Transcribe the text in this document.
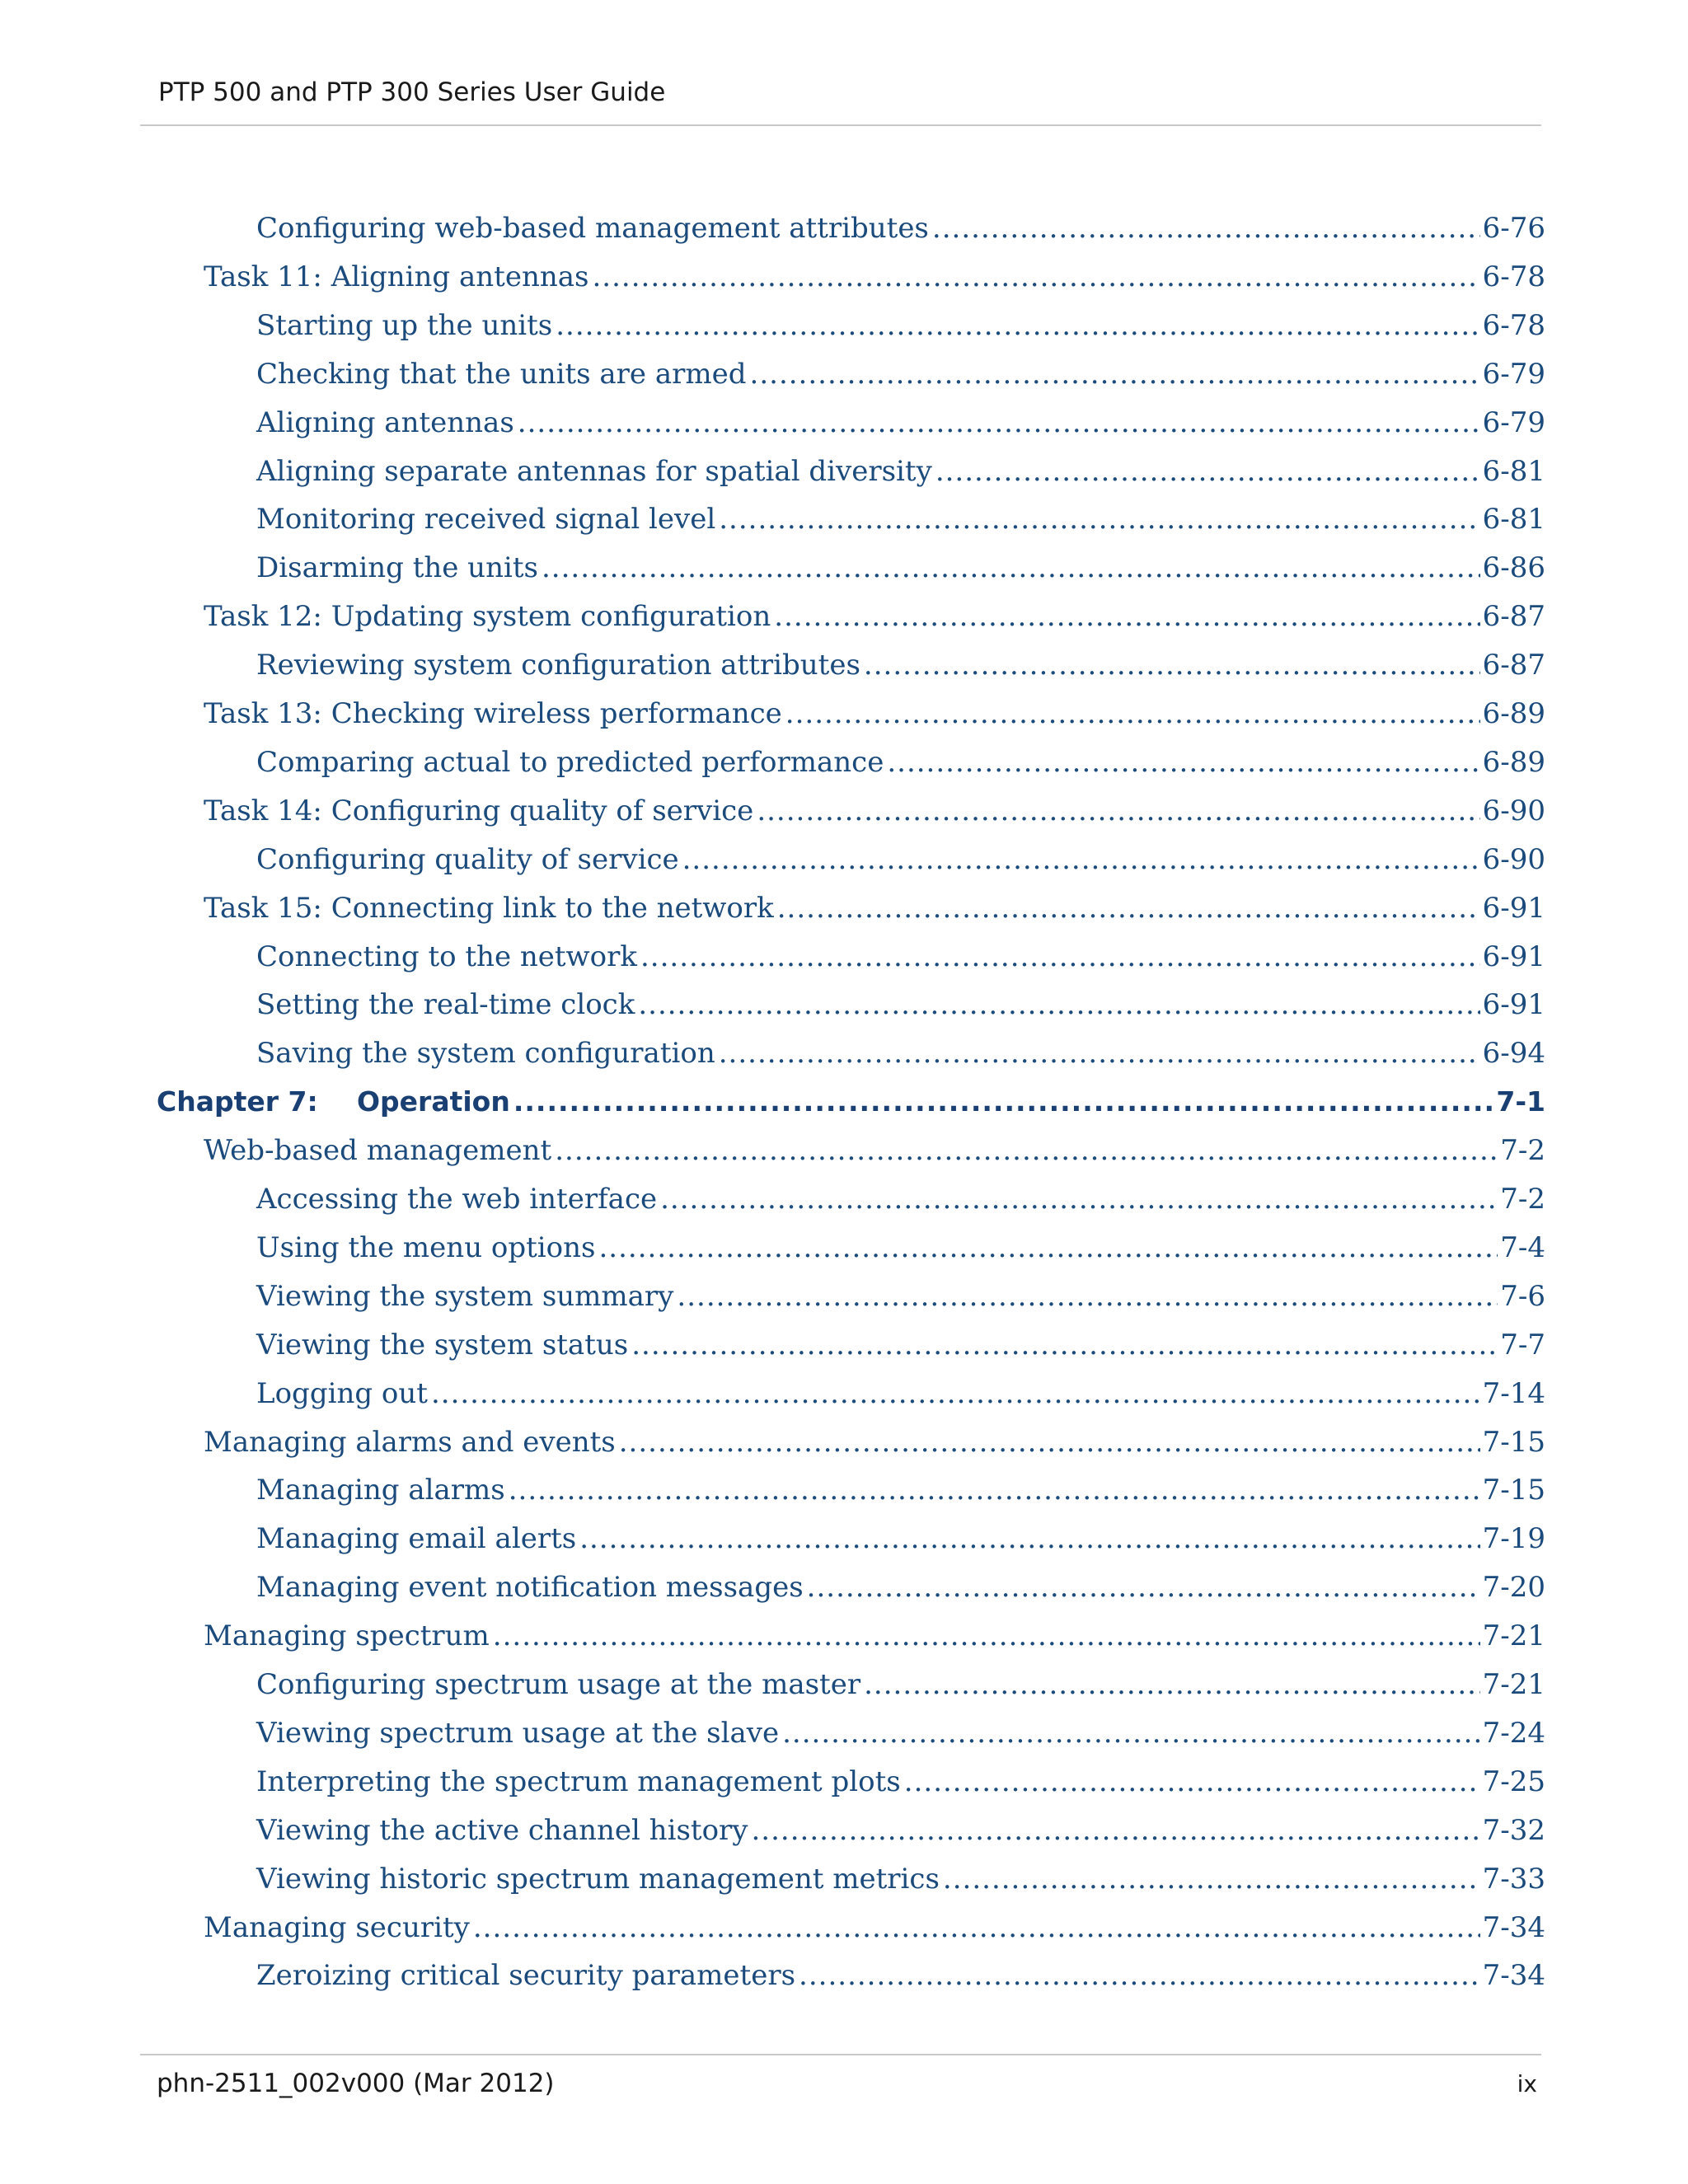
PTP 500 and PTP 300 Series User Guide
Configuring web-based management attributes .....	6-76
Task 11: Aligning antennas .....	6-78
Starting up the units .....	6-78
Checking that the units are armed .....	6-79
Aligning antennas .....	6-79
Aligning separate antennas for spatial diversity .....	6-81
Monitoring received signal level .....	6-81
Disarming the units .....	6-86
Task 12: Updating system configuration .....	6-87
Reviewing system configuration attributes .....	6-87
Task 13: Checking wireless performance .....	6-89
Comparing actual to predicted performance .....	6-89
Task 14: Configuring quality of service .....	6-90
Configuring quality of service .....	6-90
Task 15: Connecting link to the network .....	6-91
Connecting to the network .....	6-91
Setting the real-time clock .....	6-91
Saving the system configuration .....	6-94
Chapter 7:	Operation .....	7-1
Web-based management .....	7-2
Accessing the web interface .....	7-2
Using the menu options .....	7-4
Viewing the system summary .....	7-6
Viewing the system status .....	7-7
Logging out .....	7-14
Managing alarms and events .....	7-15
Managing alarms .....	7-15
Managing email alerts .....	7-19
Managing event notification messages .....	7-20
Managing spectrum .....	7-21
Configuring spectrum usage at the master .....	7-21
Viewing spectrum usage at the slave .....	7-24
Interpreting the spectrum management plots .....	7-25
Viewing the active channel history .....	7-32
Viewing historic spectrum management metrics .....	7-33
Managing security .....	7-34
Zeroizing critical security parameters .....	7-34
phn-2511_002v000 (Mar 2012)	ix
